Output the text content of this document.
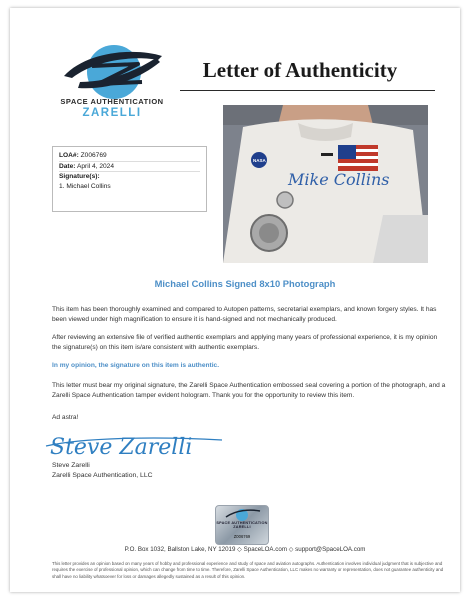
SPACE AUTHENTICATION
ZARELLI
Letter of Authenticity
LOA#: Z006769
Date: April 4, 2024
Signature(s):
1. Michael Collins
NASA
Mike Collins
Michael Collins Signed 8x10 Photograph
This item has been thoroughly examined and compared to Autopen patterns, secretarial exemplars, and known forgery styles. It has been viewed under high magnification to ensure it is hand-signed and not mechanically produced.
After reviewing an extensive file of verified authentic exemplars and applying many years of professional experience, it is my opinion the signature(s) on this item is/are consistent with authentic exemplars.
In my opinion, the signature on this item is authentic.
This letter must bear my original signature, the Zarelli Space Authentication embossed seal covering a portion of the photograph, and a Zarelli Space Authentication tamper evident hologram. Thank you for the opportunity to review this item.
Ad astra!
Steve Zarelli
Steve Zarelli
Zarelli Space Authentication, LLC
SPACE AUTHENTICATION ZARELLI
Z006769
P.O. Box 1032, Ballston Lake, NY 12019 ◇ SpaceLOA.com ◇ support@SpaceLOA.com
This letter provides an opinion based on many years of hobby and professional experience and study of space and aviation autographs. Authentication involves individual judgment that is subjective and requires the exercise of professional opinion, which can change from time to time. Therefore, Zarelli Space Authentication, LLC makes no warranty or representation, does not guarantee authenticity and shall have no liability whatsoever for loss or damages allegedly sustained as a result of this opinion.
